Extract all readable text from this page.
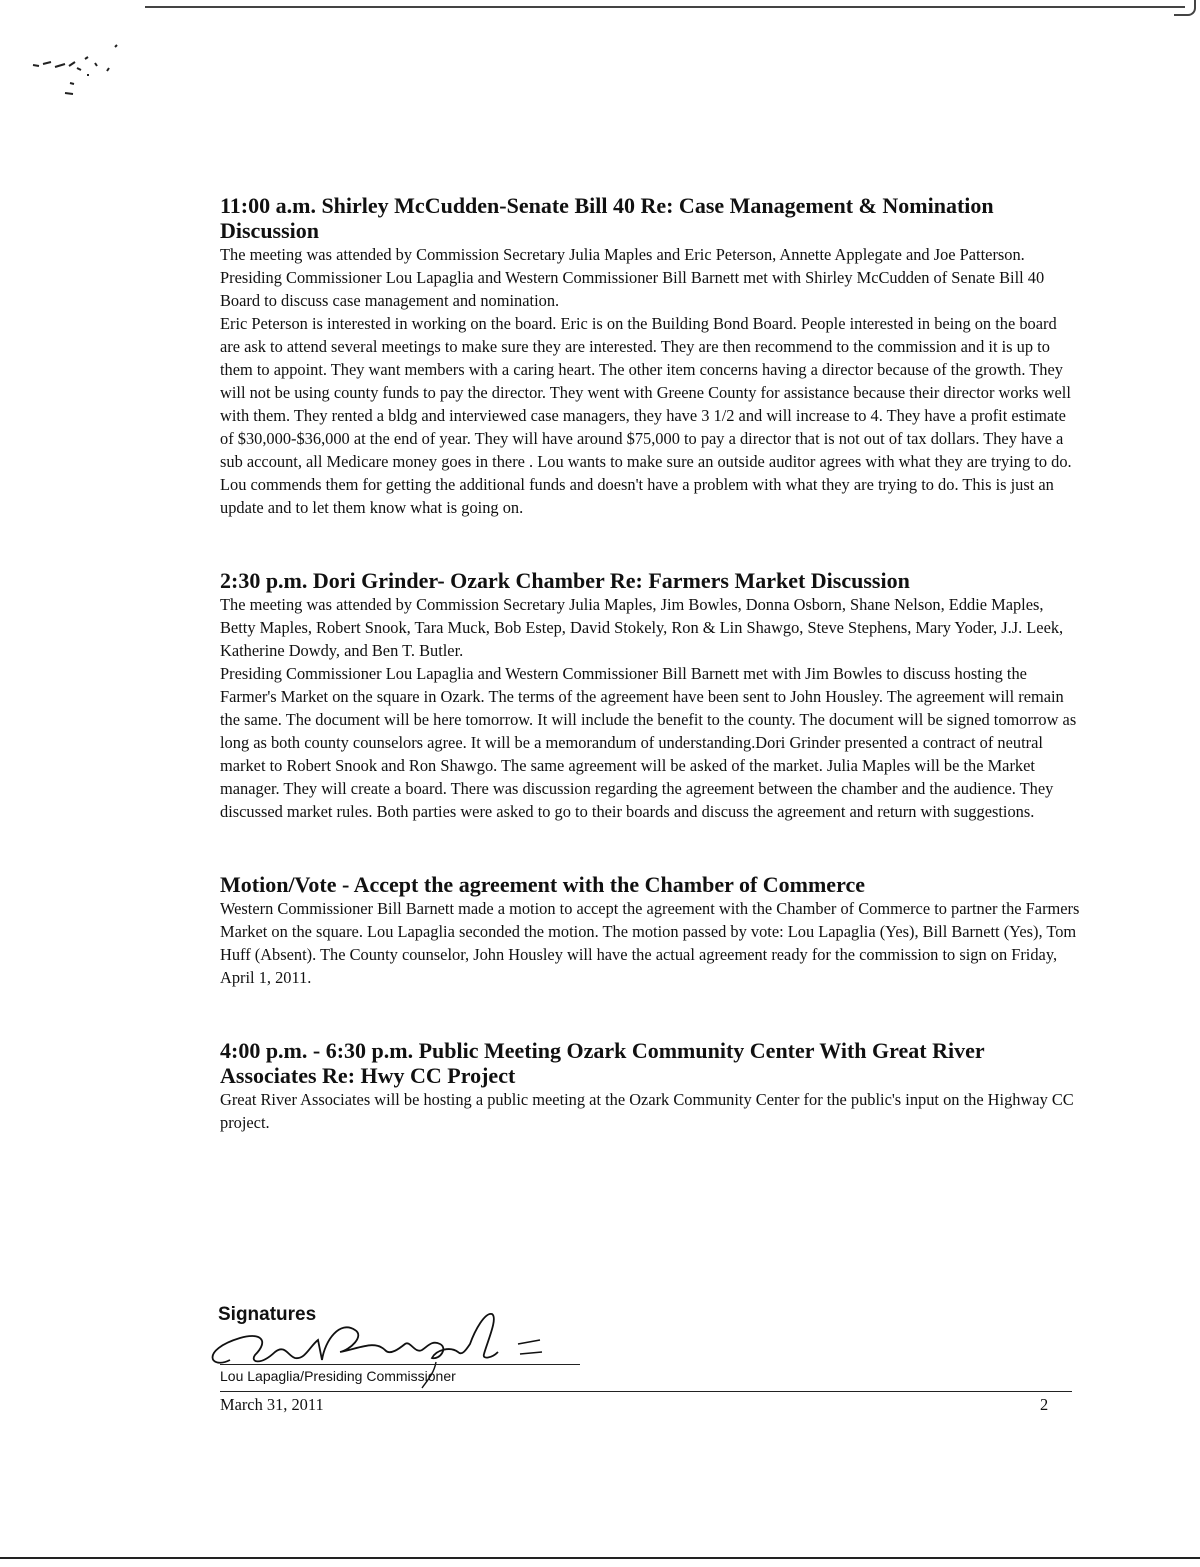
11:00 a.m. Shirley McCudden-Senate Bill 40 Re: Case Management & Nomination Discussion

The meeting was attended by Commission Secretary Julia Maples and Eric Peterson, Annette Applegate and Joe Patterson.

Presiding Commissioner Lou Lapaglia and Western Commissioner Bill Barnett met with Shirley McCudden of Senate Bill 40 Board to discuss case management and nomination.

Eric Peterson is interested in working on the board. Eric is on the Building Bond Board. People interested in being on the board are ask to attend several meetings to make sure they are interested. They are then recommend to the commission and it is up to them to appoint. They want members with a caring heart. The other item concerns having a director because of the growth. They will not be using county funds to pay the director. They went with Greene County for assistance because their director works well with them. They rented a bldg and interviewed case managers, they have 3 1/2 and will increase to 4. They have a profit estimate of $30,000-$36,000 at the end of year. They will have around $75,000 to pay a director that is not out of tax dollars. They have a sub account, all Medicare money goes in there . Lou wants to make sure an outside auditor agrees with what they are trying to do. Lou commends them for getting the additional funds and doesn't have a problem with what they are trying to do. This is just an update and to let them know what is going on.

2:30 p.m. Dori Grinder- Ozark Chamber Re: Farmers Market Discussion

The meeting was attended by Commission Secretary Julia Maples, Jim Bowles, Donna Osborn, Shane Nelson, Eddie Maples, Betty Maples, Robert Snook, Tara Muck, Bob Estep, David Stokely, Ron & Lin Shawgo, Steve Stephens, Mary Yoder, J.J. Leek, Katherine Dowdy, and Ben T. Butler.

Presiding Commissioner Lou Lapaglia and Western Commissioner Bill Barnett met with Jim Bowles to discuss hosting the Farmer's Market on the square in Ozark. The terms of the agreement have been sent to John Housley. The agreement will remain the same. The document will be here tomorrow. It will include the benefit to the county. The document will be signed tomorrow as long as both county counselors agree. It will be a memorandum of understanding.Dori Grinder presented a contract of neutral market to Robert Snook and Ron Shawgo. The same agreement will be asked of the market. Julia Maples will be the Market manager. They will create a board. There was discussion regarding the agreement between the chamber and the audience. They discussed market rules. Both parties were asked to go to their boards and discuss the agreement and return with suggestions.

Motion/Vote - Accept the agreement with the Chamber of Commerce

Western Commissioner Bill Barnett made a motion to accept the agreement with the Chamber of Commerce to partner the Farmers Market on the square. Lou Lapaglia seconded the motion. The motion passed by vote: Lou Lapaglia (Yes), Bill Barnett (Yes), Tom Huff (Absent). The County counselor, John Housley will have the actual agreement ready for the commission to sign on Friday, April 1, 2011.

4:00 p.m. - 6:30 p.m. Public Meeting Ozark Community Center With Great River Associates Re: Hwy CC Project

Great River Associates will be hosting a public meeting at the Ozark Community Center for the public's input on the Highway CC project.

Signatures
Lou Lapaglia/Presiding Commissioner
March 31, 2011	2
